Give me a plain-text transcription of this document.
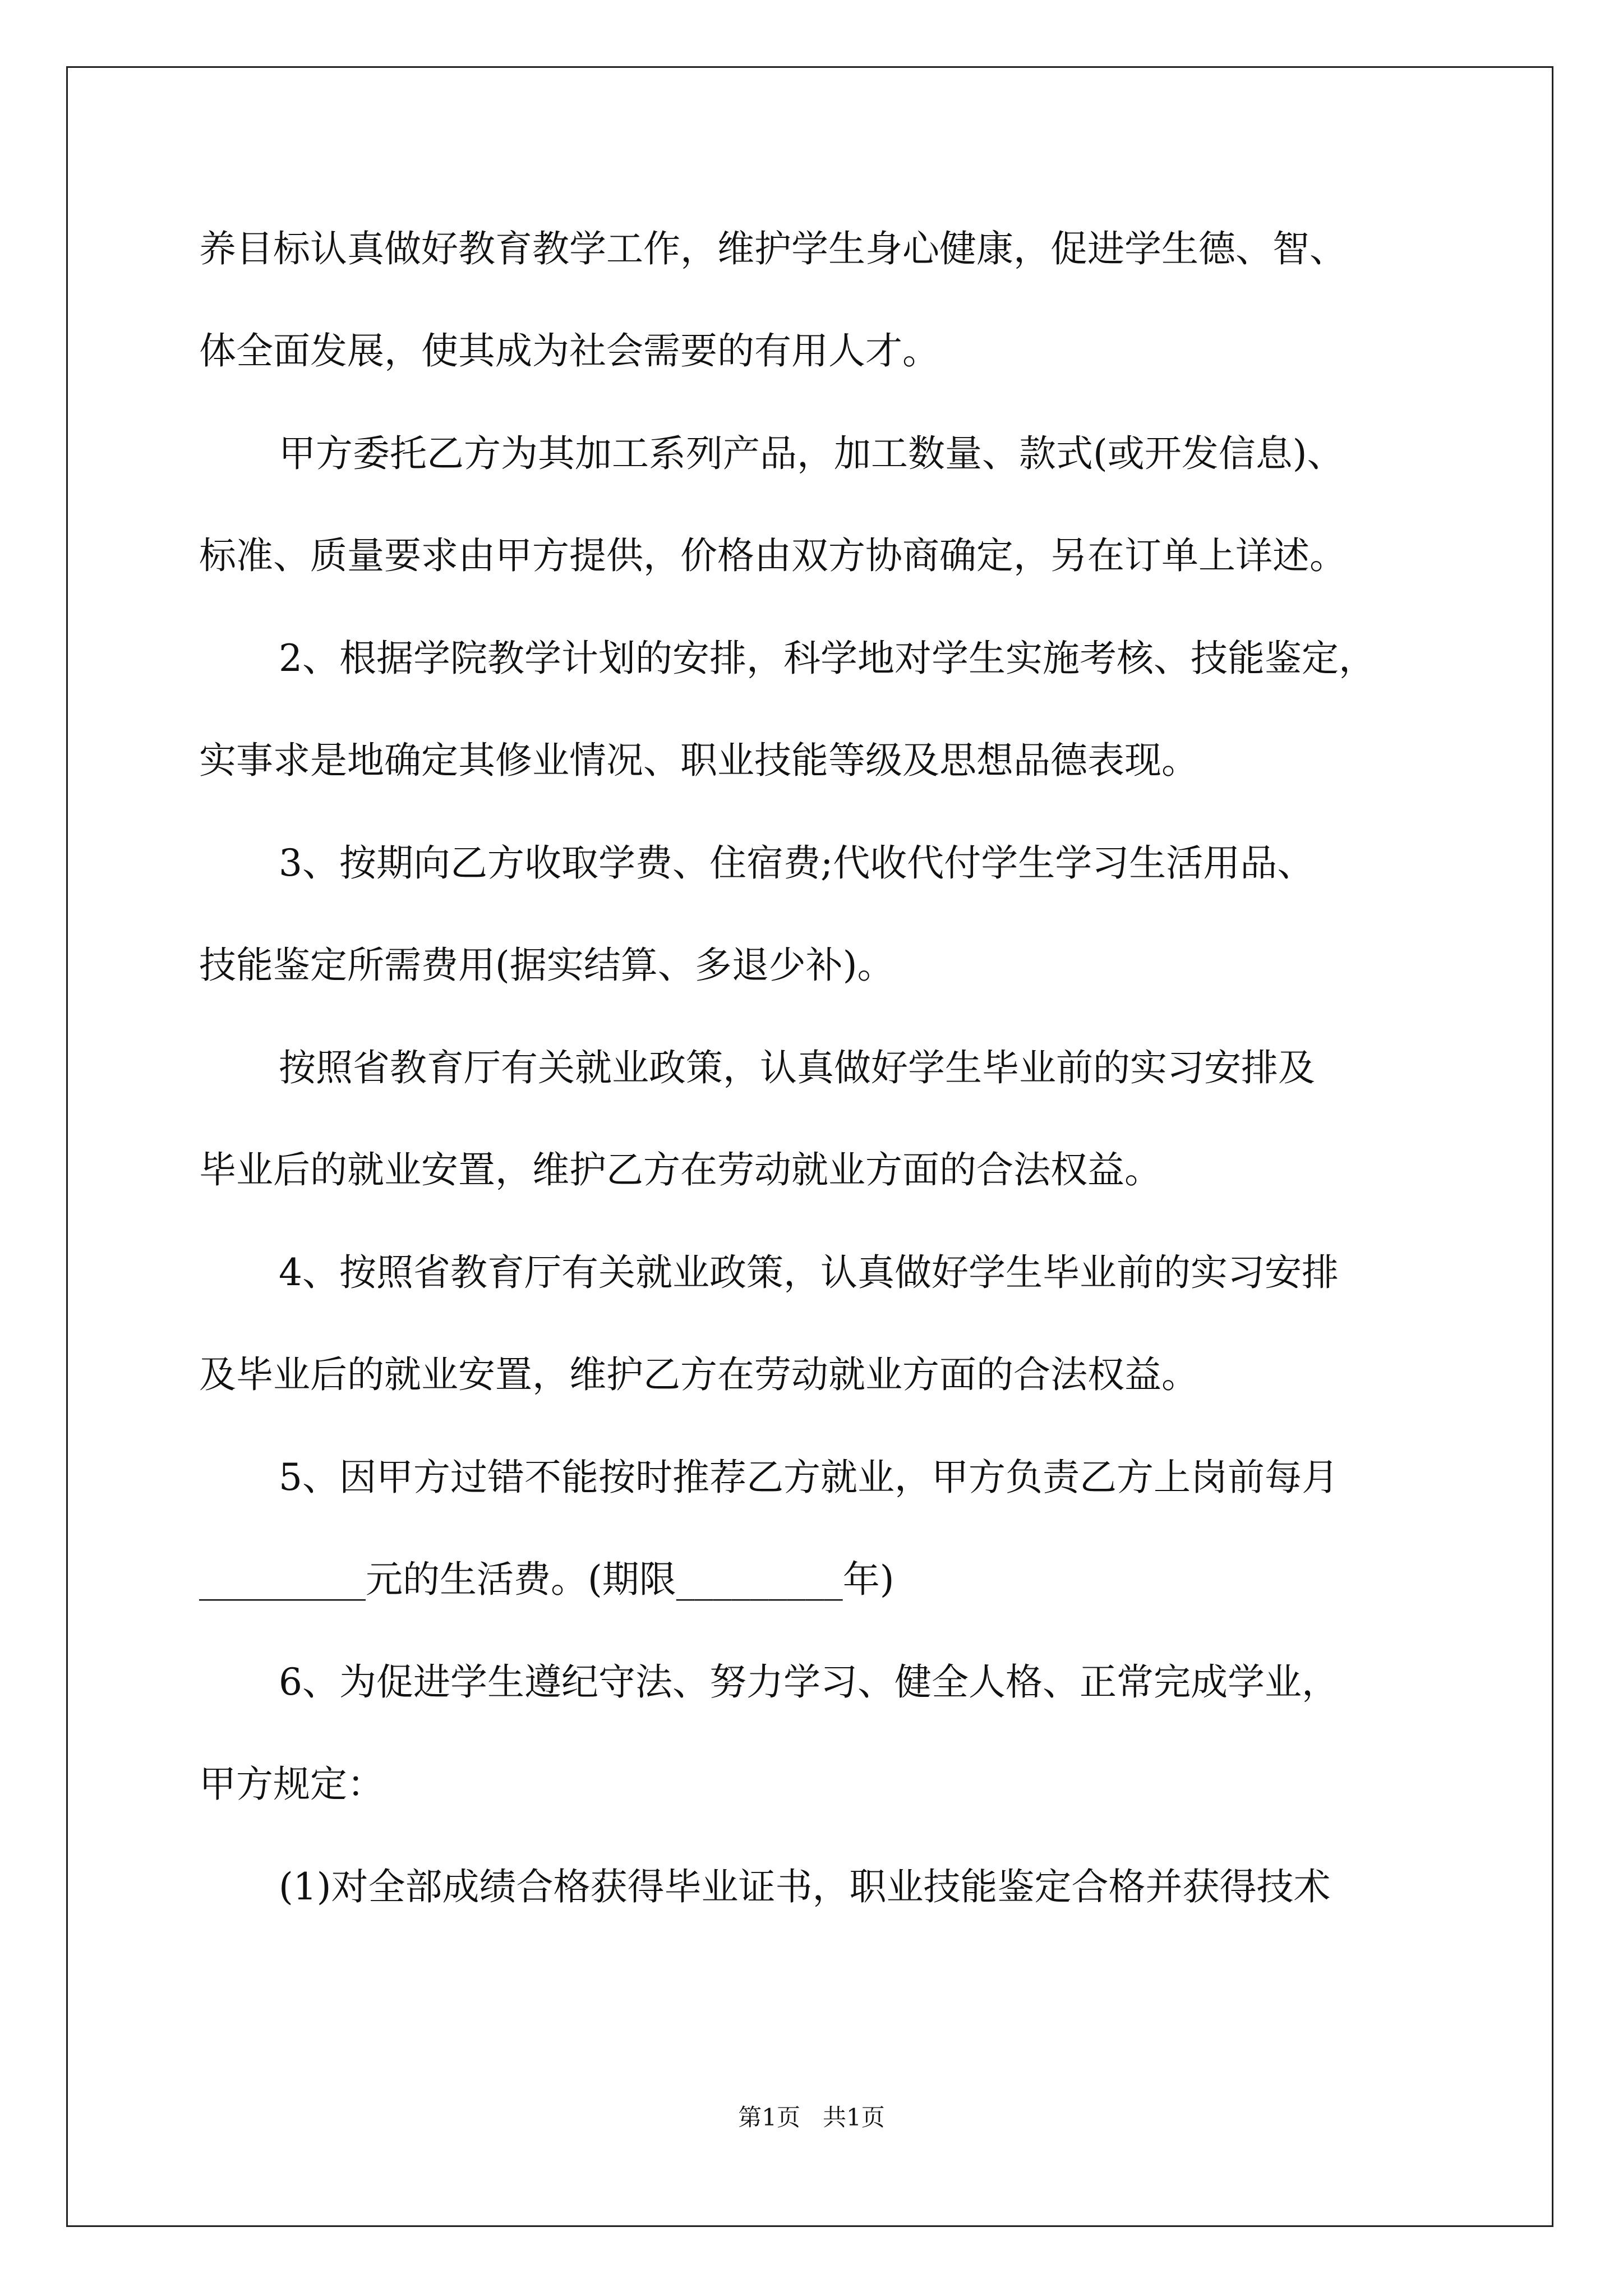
养目标认真做好教育教学工作，维护学生身心健康，促进学生德、智、
体全面发展，使其成为社会需要的有用人才。
甲方委托乙方为其加工系列产品，加工数量、款式(或开发信息)、
标准、质量要求由甲方提供，价格由双方协商确定，另在订单上详述。
2、根据学院教学计划的安排，科学地对学生实施考核、技能鉴定，
实事求是地确定其修业情况、职业技能等级及思想品德表现。
3、按期向乙方收取学费、住宿费;代收代付学生学习生活用品、
技能鉴定所需费用(据实结算、多退少补)。
按照省教育厅有关就业政策，认真做好学生毕业前的实习安排及
毕业后的就业安置，维护乙方在劳动就业方面的合法权益。
4、按照省教育厅有关就业政策，认真做好学生毕业前的实习安排
及毕业后的就业安置，维护乙方在劳动就业方面的合法权益。
5、因甲方过错不能按时推荐乙方就业，甲方负责乙方上岗前每月
_________元的生活费。(期限_________年)
6、为促进学生遵纪守法、努力学习、健全人格、正常完成学业，
甲方规定：
(1)对全部成绩合格获得毕业证书，职业技能鉴定合格并获得技术
第1页   共1页
